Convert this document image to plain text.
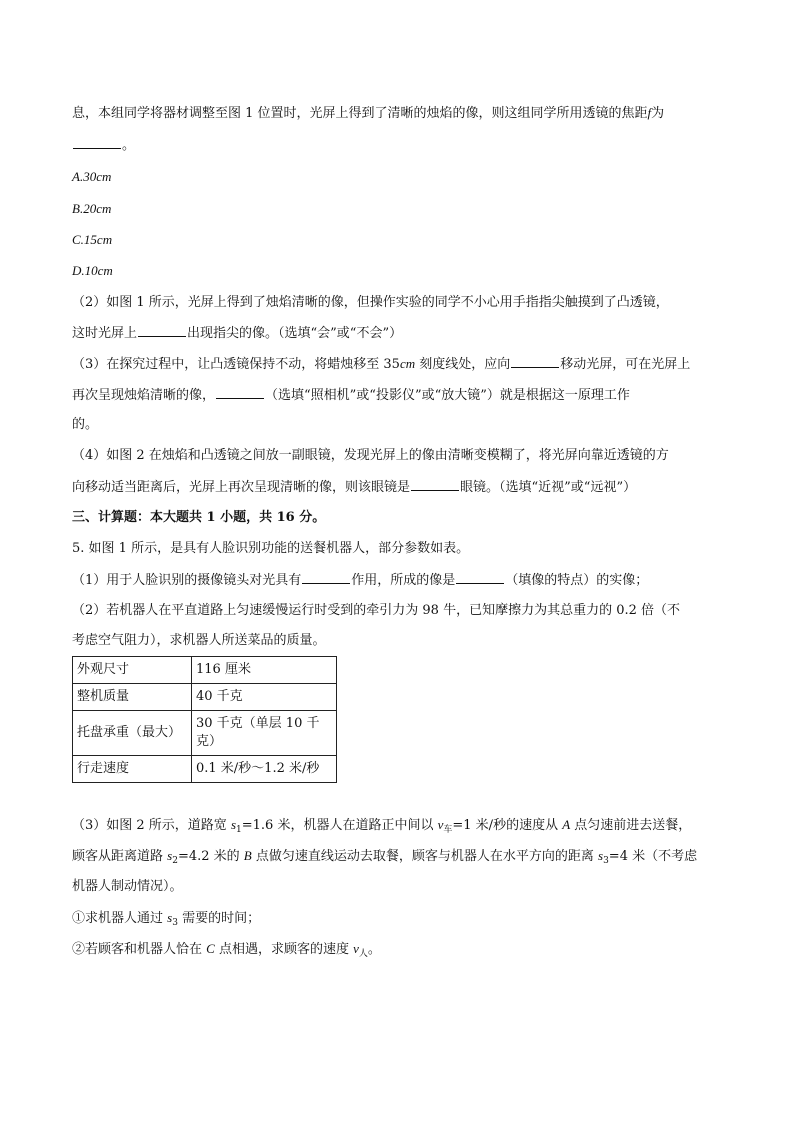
息，本组同学将器材调整至图 1 位置时，光屏上得到了清晰的烛焰的像，则这组同学所用透镜的焦距f为
。
A.30cm
B.20cm
C.15cm
D.10cm
（2）如图 1 所示，光屏上得到了烛焰清晰的像，但操作实验的同学不小心用手指指尖触摸到了凸透镜，
这时光屏上	出现指尖的像。（选填“会”或“不会”）
（3）在探究过程中，让凸透镜保持不动，将蜡烛移至 35cm 刻度线处，应向	移动光屏，可在光屏上
再次呈现烛焰清晰的像，	（选填“照相机”或“投影仪”或“放大镜”）就是根据这一原理工作
的。
（4）如图 2 在烛焰和凸透镜之间放一副眼镜，发现光屏上的像由清晰变模糊了，将光屏向靠近透镜的方
向移动适当距离后，光屏上再次呈现清晰的像，则该眼镜是	眼镜。（选填“近视”或“远视”）
三、计算题：本大题共 1 小题，共 16 分。
5. 如图 1 所示，是具有人脸识别功能的送餐机器人，部分参数如表。
（1）用于人脸识别的摄像镜头对光具有	作用，所成的像是	（填像的特点）的实像；
（2）若机器人在平直道路上匀速缓慢运行时受到的牵引力为 98 牛，已知摩擦力为其总重力的 0.2 倍（不
考虑空气阻力），求机器人所送菜品的质量。
外观尺寸	116 厘米
整机质量	40 千克
托盘承重（最大）	30 千克（单层 10 千克）
行走速度	0.1 米/秒～1.2 米/秒
（3）如图 2 所示，道路宽 $s_1=1.6$ 米，机器人在道路正中间以 $v_车=1$ 米/秒的速度从 A 点匀速前进去送餐，
顾客从距离道路 $s_2=4.2$ 米的 B 点做匀速直线运动去取餐，顾客与机器人在水平方向的距离 $s_3=4$ 米（不考虑
机器人制动情况）。
①求机器人通过 $s_3$ 需要的时间；
②若顾客和机器人恰在 C 点相遇，求顾客的速度 $v_人$。
